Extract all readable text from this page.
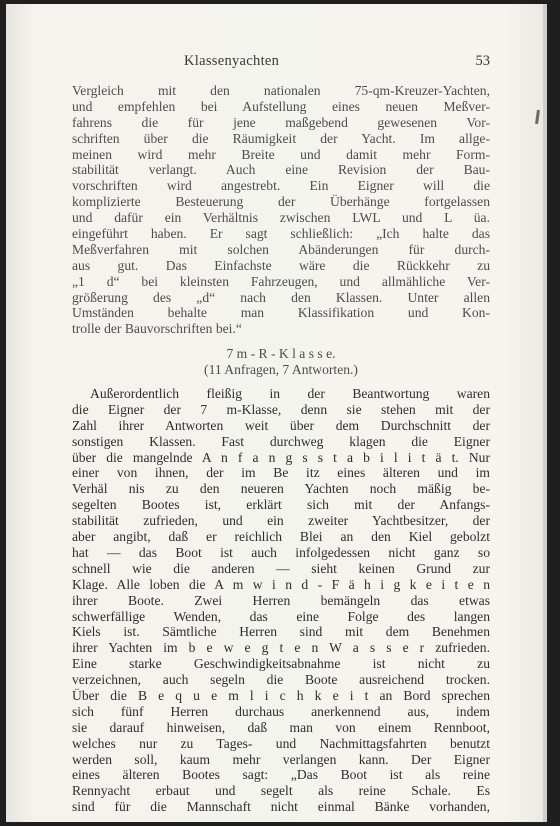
Klassenyachten	53
Vergleich mit den nationalen 75-qm-Kreuzer-Yachten,
und empfehlen bei Aufstellung eines neuen Meßver-
fahrens die für jene maßgebend gewesenen Vor-
schriften über die Räumigkeit der Yacht. Im allge-
meinen wird mehr Breite und damit mehr Form-
stabilität verlangt. Auch eine Revision der Bau-
vorschriften wird angestrebt. Ein Eigner will die
komplizierte Besteuerung der Überhänge fortgelassen
und dafür ein Verhältnis zwischen LWL und L üa.
eingeführt haben. Er sagt schließlich: „Ich halte das
Meßverfahren mit solchen Abänderungen für durch-
aus gut. Das Einfachste wäre die Rückkehr zu
„1 d“ bei kleinsten Fahrzeugen, und allmähliche Ver-
größerung des „d“ nach den Klassen. Unter allen
Umständen behalte man Klassifikation und Kon-
trolle der Bauvorschriften bei.“
7 m - R - K l a s s e.
(11 Anfragen, 7 Antworten.)
Außerordentlich fleißig in der Beantwortung waren
die Eigner der 7 m-Klasse, denn sie stehen mit der
Zahl ihrer Antworten weit über dem Durchschnitt der
sonstigen Klassen. Fast durchweg klagen die Eigner
über die mangelnde A n f a n g s s t a b i l i t ä t. Nur
einer von ihnen, der im Be itz eines älteren und im
Verhäl nis zu den neueren Yachten noch mäßig be-
segelten Bootes ist, erklärt sich mit der Anfangs-
stabilität zufrieden, und ein zweiter Yachtbesitzer, der
aber angibt, daß er reichlich Blei an den Kiel gebolzt
hat — das Boot ist auch infolgedessen nicht ganz so
schnell wie die anderen — sieht keinen Grund zur
Klage. Alle loben die A m w i n d - F ä h i g k e i t e n
ihrer Boote. Zwei Herren bemängeln das etwas
schwerfällige Wenden, das eine Folge des langen
Kiels ist. Sämtliche Herren sind mit dem Benehmen
ihrer Yachten im b e w e g t e n W a s s e r zufrieden.
Eine starke Geschwindigkeitsabnahme ist nicht zu
verzeichnen, auch segeln die Boote ausreichend trocken.
Über die B e q u e m l i c h k e i t an Bord sprechen
sich fünf Herren durchaus anerkennend aus, indem
sie darauf hinweisen, daß man von einem Rennboot,
welches nur zu Tages- und Nachmittagsfahrten benutzt
werden soll, kaum mehr verlangen kann. Der Eigner
eines älteren Bootes sagt: „Das Boot ist als reine
Rennyacht erbaut und segelt als reine Schale. Es
sind für die Mannschaft nicht einmal Bänke vorhanden,
